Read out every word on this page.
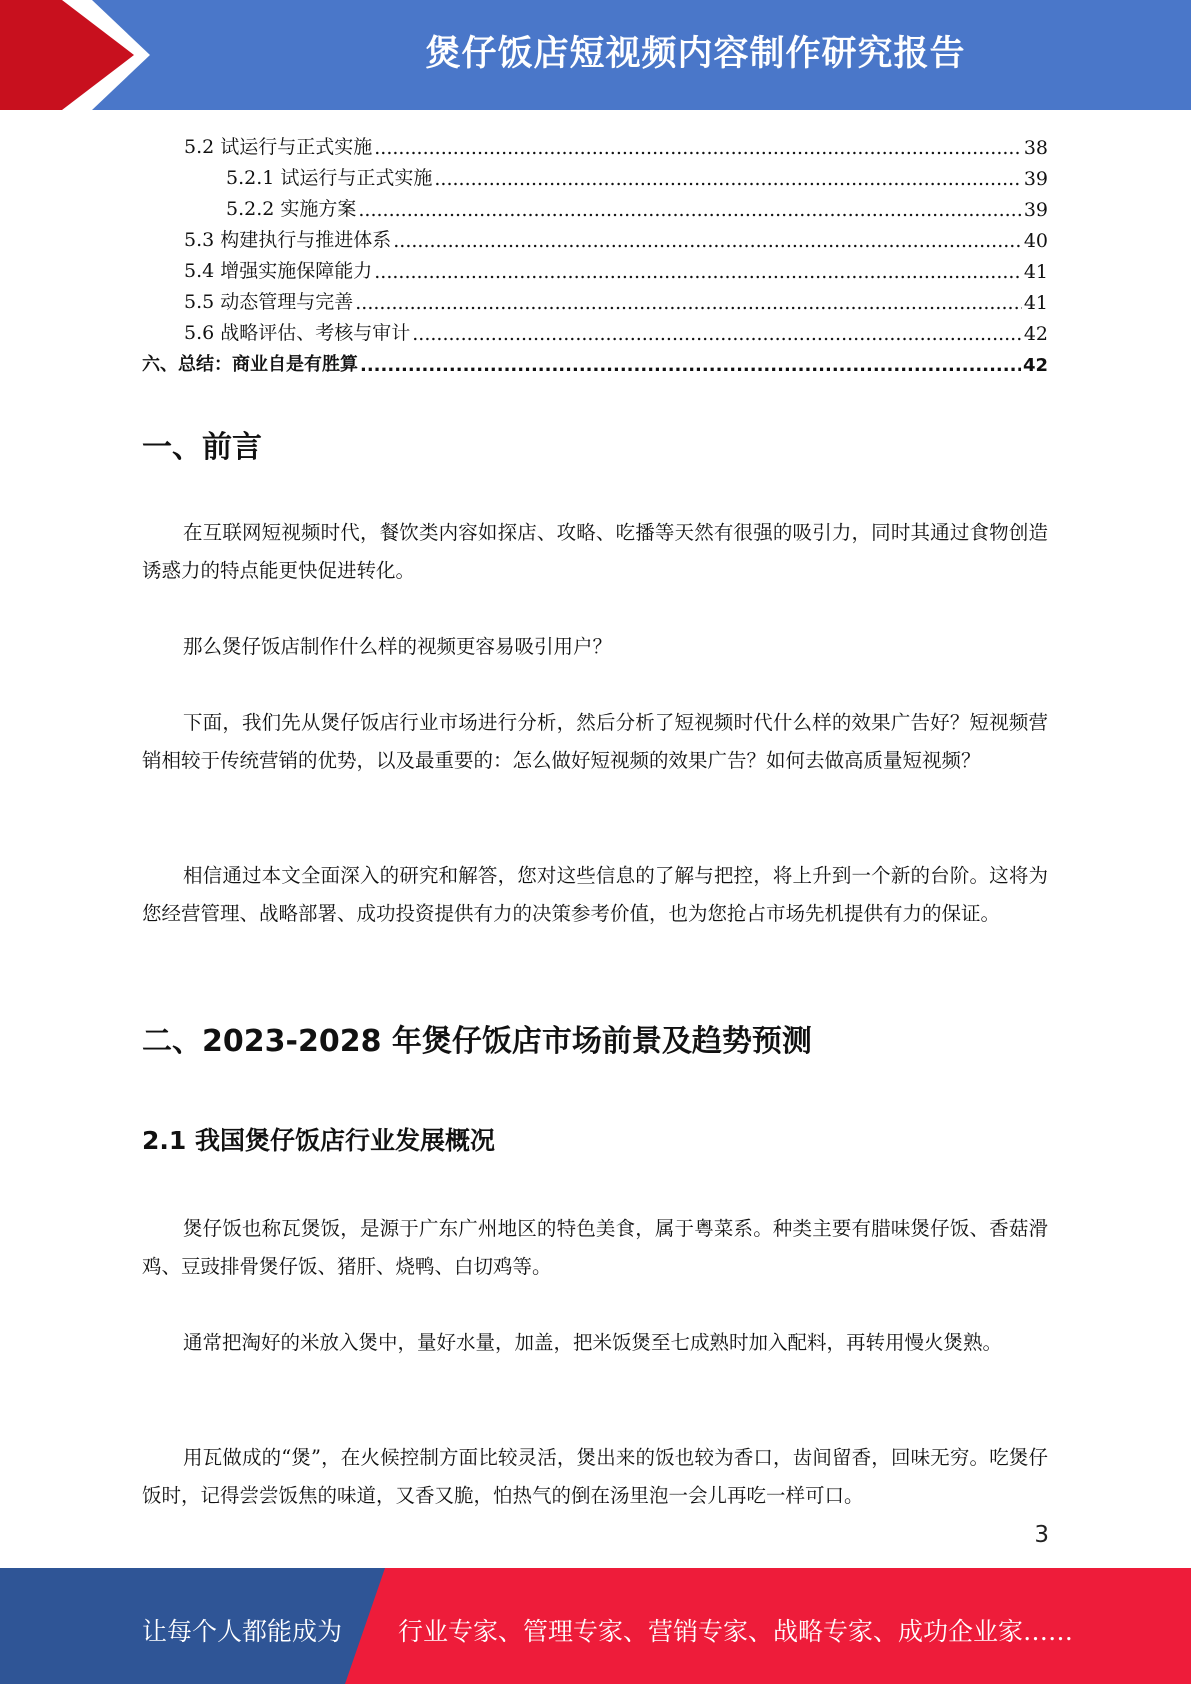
煲仔饭店短视频内容制作研究报告
5.2 试运行与正式实施 .....	38
5.2.1 试运行与正式实施 .....	39
5.2.2 实施方案 .....	39
5.3 构建执行与推进体系 .....	40
5.4 增强实施保障能力 .....	41
5.5 动态管理与完善 .....	41
5.6 战略评估、考核与审计 .....	42
六、总结：商业自是有胜算 .....	42
一、前言

在互联网短视频时代，餐饮类内容如探店、攻略、吃播等天然有很强的吸引力，同时其通过食物创造诱惑力的特点能更快促进转化。

那么煲仔饭店制作什么样的视频更容易吸引用户？

下面，我们先从煲仔饭店行业市场进行分析，然后分析了短视频时代什么样的效果广告好？短视频营销相较于传统营销的优势，以及最重要的：怎么做好短视频的效果广告？如何去做高质量短视频？

相信通过本文全面深入的研究和解答，您对这些信息的了解与把控，将上升到一个新的台阶。这将为您经营管理、战略部署、成功投资提供有力的决策参考价值，也为您抢占市场先机提供有力的保证。

二、2023-2028 年煲仔饭店市场前景及趋势预测
2.1 我国煲仔饭店行业发展概况

煲仔饭也称瓦煲饭，是源于广东广州地区的特色美食，属于粤菜系。种类主要有腊味煲仔饭、香菇滑鸡、豆豉排骨煲仔饭、猪肝、烧鸭、白切鸡等。

通常把淘好的米放入煲中，量好水量，加盖，把米饭煲至七成熟时加入配料，再转用慢火煲熟。

用瓦做成的“煲”，在火候控制方面比较灵活，煲出来的饭也较为香口，齿间留香，回味无穷。吃煲仔饭时，记得尝尝饭焦的味道，又香又脆，怕热气的倒在汤里泡一会儿再吃一样可口。

3
让每个人都能成为 行业专家、管理专家、营销专家、战略专家、成功企业家……
